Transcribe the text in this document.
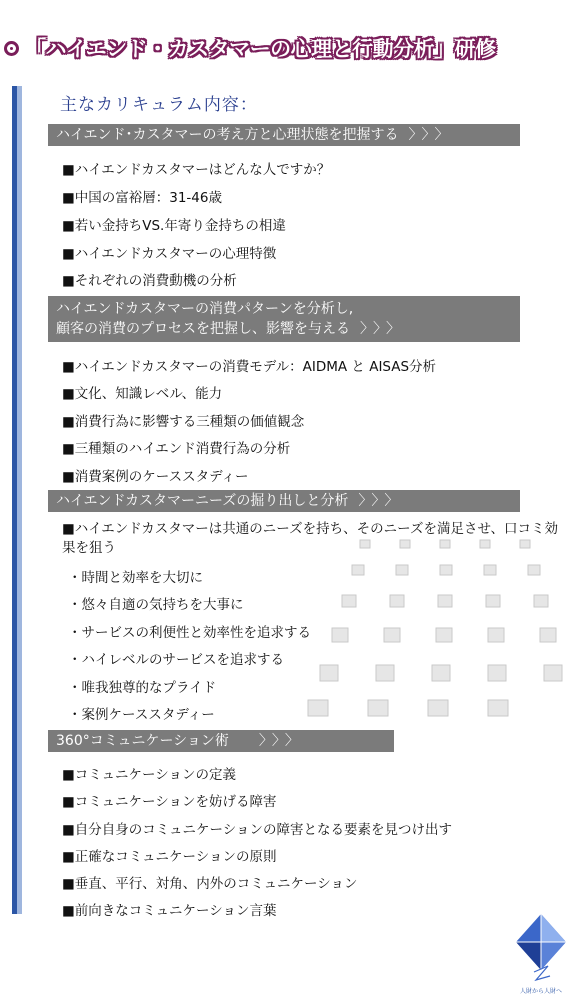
「ハイエンド・カスタマーの心理と行動分析」研修
主なカリキュラム内容：
ハイエンド･カスタマーの考え方と心理状態を把握する 〉〉〉
■ハイエンドカスタマーはどんな人ですか？
■中国の富裕層：31-46歳
■若い金持ちVS.年寄り金持ちの相違
■ハイエンドカスタマーの心理特徴
■それぞれの消費動機の分析
ハイエンドカスタマーの消費パターンを分析し,
顧客の消費のプロセスを把握し、影響を与える 〉〉〉
■ハイエンドカスタマーの消費モデル：AIDMA と AISAS分析
■文化、知識レベル、能力
■消費行為に影響する三種類の価値観念
■三種類のハイエンド消費行為の分析
■消費案例のケーススタディー
ハイエンドカスタマーニーズの掘り出しと分析 〉〉〉
■ハイエンドカスタマーは共通のニーズを持ち、そのニーズを満足させ、口コミ効果を狙う
・時間と効率を大切に
・悠々自適の気持ちを大事に
・サービスの利便性と効率性を追求する
・ハイレベルのサービスを追求する
・唯我独尊的なプライド
・案例ケーススタディー
360°コミュニケーション術 〉〉〉
■コミュニケーションの定義
■コミュニケーションを妨げる障害
■自分自身のコミュニケーションの障害となる要素を見つけ出す
■正確なコミュニケーションの原則
■垂直、平行、対角、内外のコミュニケーション
■前向きなコミュニケーション言葉
人財から人財へ
